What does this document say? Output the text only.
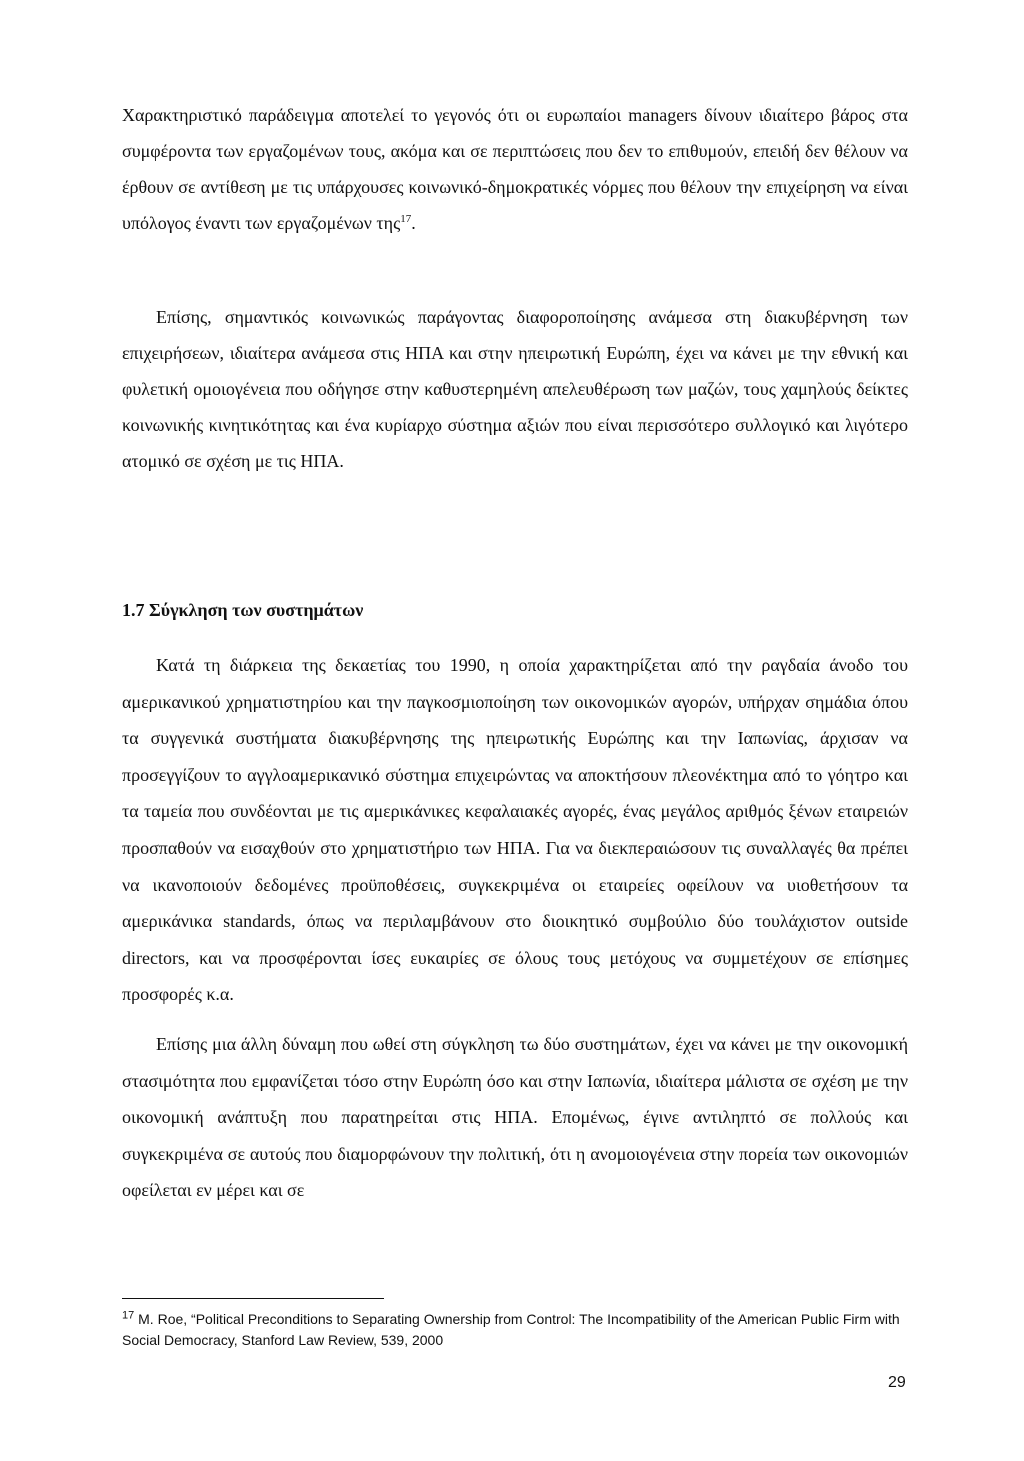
Χαρακτηριστικό παράδειγμα αποτελεί το γεγονός ότι οι ευρωπαίοι managers δίνουν ιδιαίτερο βάρος στα συμφέροντα των εργαζομένων τους, ακόμα και σε περιπτώσεις που δεν το επιθυμούν, επειδή δεν θέλουν να έρθουν σε αντίθεση με τις υπάρχουσες κοινωνικό-δημοκρατικές νόρμες που θέλουν την επιχείρηση να είναι υπόλογος έναντι των εργαζομένων της$^{17}$.

Επίσης, σημαντικός κοινωνικώς παράγοντας διαφοροποίησης ανάμεσα στη διακυβέρνηση των επιχειρήσεων, ιδιαίτερα ανάμεσα στις ΗΠΑ και στην ηπειρωτική Ευρώπη, έχει να κάνει με την εθνική και φυλετική ομοιογένεια που οδήγησε στην καθυστερημένη απελευθέρωση των μαζών, τους χαμηλούς δείκτες κοινωνικής κινητικότητας και ένα κυρίαρχο σύστημα αξιών που είναι περισσότερο συλλογικό και λιγότερο ατομικό σε σχέση με τις ΗΠΑ.

1.7 Σύγκληση των συστημάτων

Κατά τη διάρκεια της δεκαετίας του 1990, η οποία χαρακτηρίζεται από την ραγδαία άνοδο του αμερικανικού χρηματιστηρίου και την παγκοσμιοποίηση των οικονομικών αγορών, υπήρχαν σημάδια όπου τα συγγενικά συστήματα διακυβέρνησης της ηπειρωτικής Ευρώπης και την Ιαπωνίας, άρχισαν να προσεγγίζουν το αγγλοαμερικανικό σύστημα επιχειρώντας να αποκτήσουν πλεονέκτημα από το γόητρο και τα ταμεία που συνδέονται με τις αμερικάνικες κεφαλαιακές αγορές, ένας μεγάλος αριθμός ξένων εταιρειών προσπαθούν να εισαχθούν στο χρηματιστήριο των ΗΠΑ. Για να διεκπεραιώσουν τις συναλλαγές θα πρέπει να ικανοποιούν δεδομένες προϋποθέσεις, συγκεκριμένα οι εταιρείες οφείλουν να υιοθετήσουν τα αμερικάνικα standards, όπως να περιλαμβάνουν στο διοικητικό συμβούλιο δύο τουλάχιστον outside directors, και να προσφέρονται ίσες ευκαιρίες σε όλους τους μετόχους να συμμετέχουν σε επίσημες προσφορές κ.α.

Επίσης μια άλλη δύναμη που ωθεί στη σύγκληση τω δύο συστημάτων, έχει να κάνει με την οικονομική στασιμότητα που εμφανίζεται τόσο στην Ευρώπη όσο και στην Ιαπωνία, ιδιαίτερα μάλιστα σε σχέση με την οικονομική ανάπτυξη που παρατηρείται στις ΗΠΑ. Επομένως, έγινε αντιληπτό σε πολλούς και συγκεκριμένα σε αυτούς που διαμορφώνουν την πολιτική, ότι η ανομοιογένεια στην πορεία των οικονομιών οφείλεται εν μέρει και σε

$^{17}$ M. Roe, “Political Preconditions to Separating Ownership from Control: The Incompatibility of the American Public Firm with Social Democracy, Stanford Law Review, 539, 2000

29
